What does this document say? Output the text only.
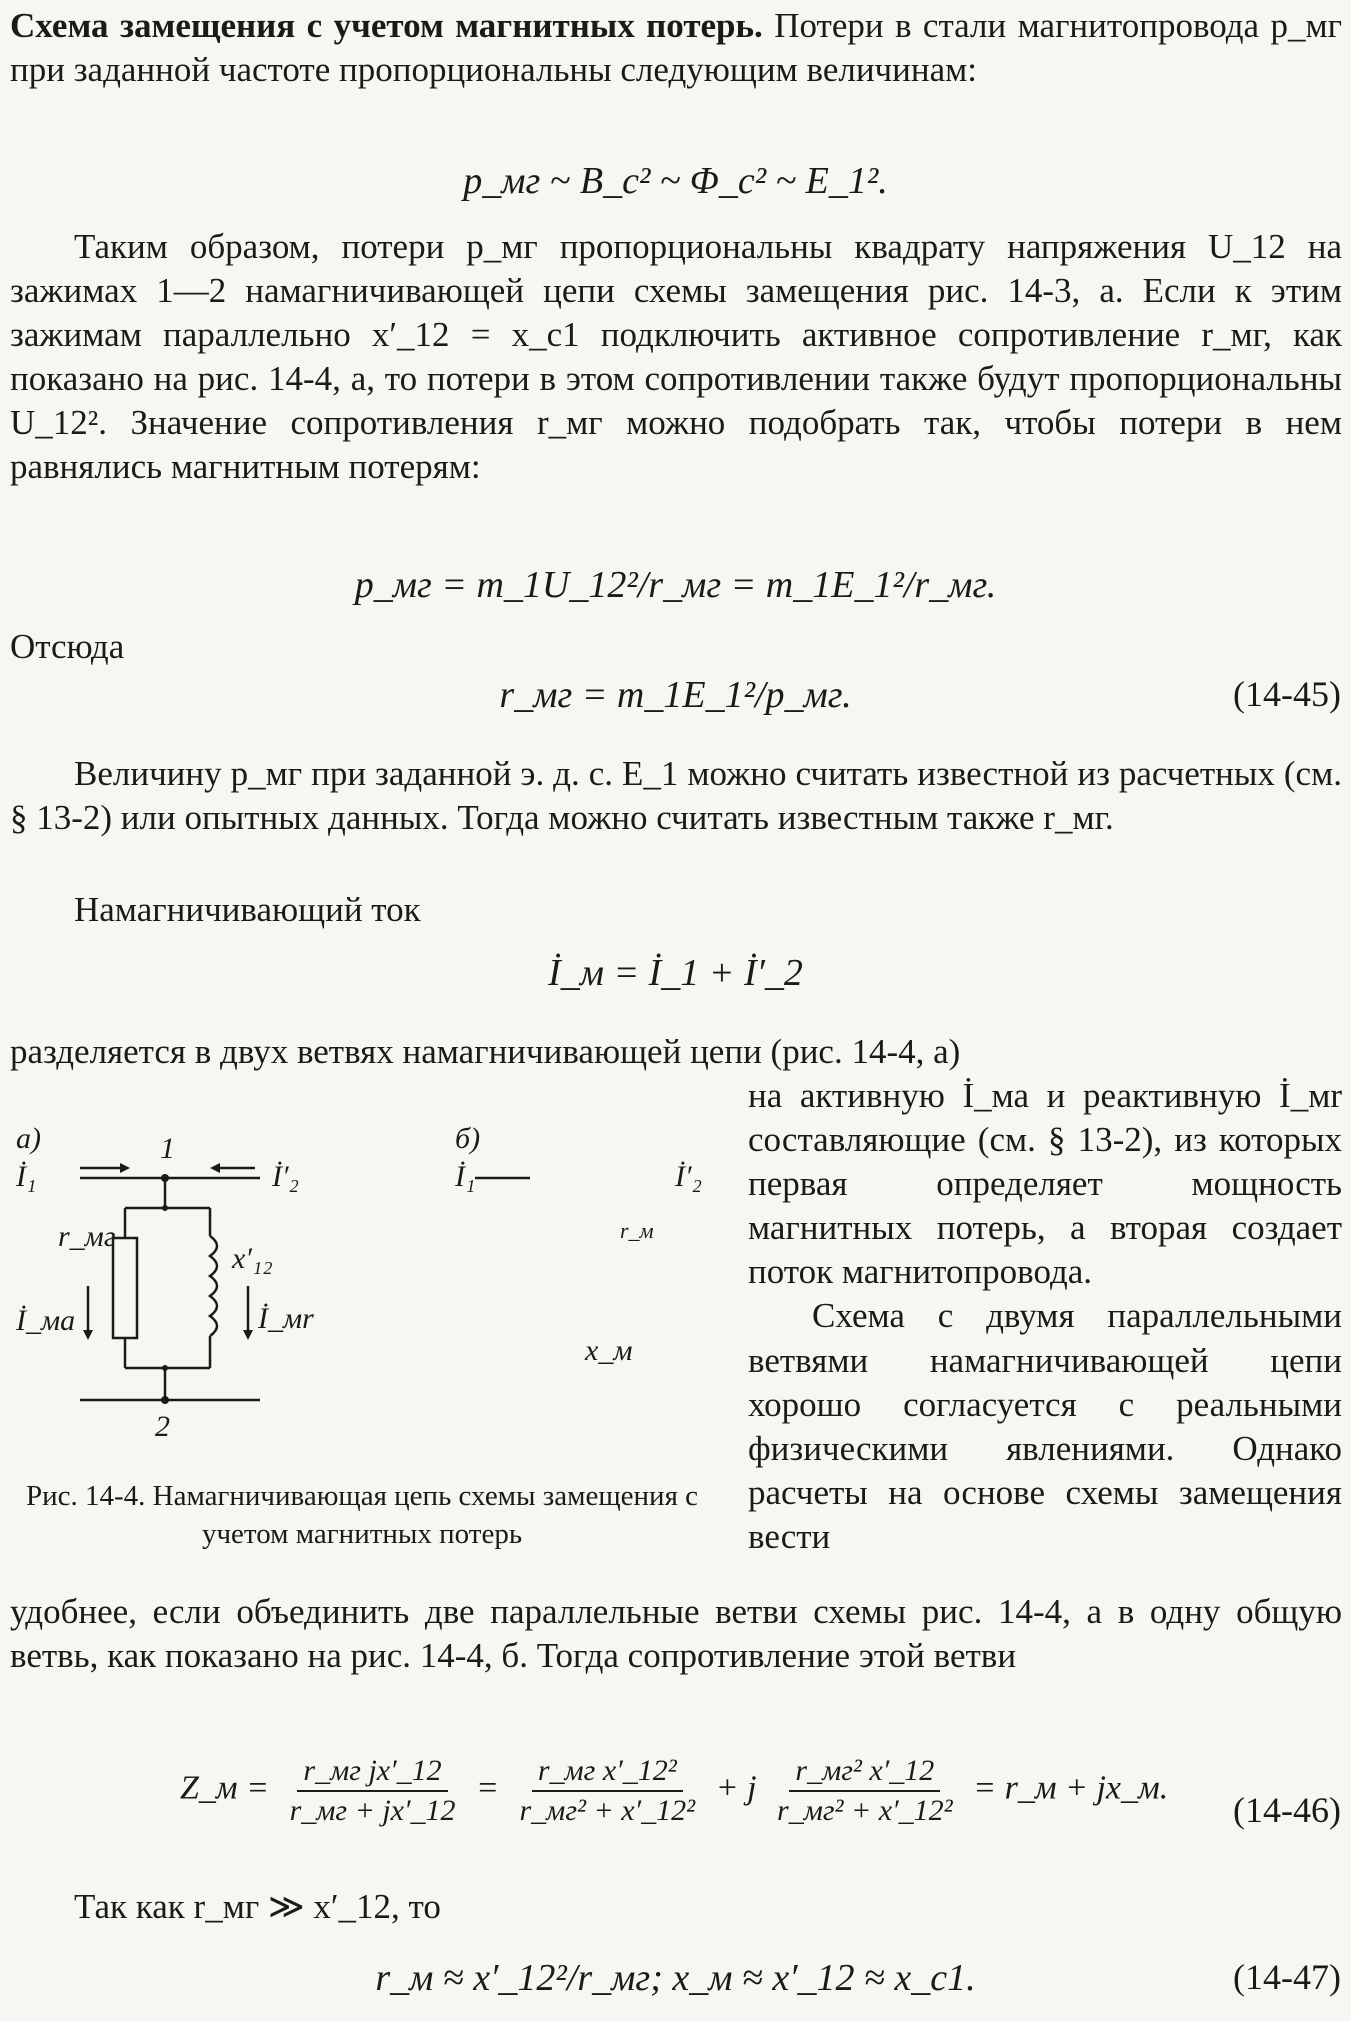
Схема замещения с учетом магнитных потерь. Потери в стали магнитопровода p_мг при заданной частоте пропорциональны следующим величинам:

p_мг ~ B_c² ~ Φ_c² ~ E_1².

Таким образом, потери p_мг пропорциональны квадрату напряжения U_12 на зажимах 1—2 намагничивающей цепи схемы замещения рис. 14-3, a. Если к этим зажимам параллельно x′_12 = x_c1 подключить активное сопротивление r_мг, как показано на рис. 14-4, a, то потери в этом сопротивлении также будут пропорциональны U_12². Значение сопротивления r_мг можно подобрать так, чтобы потери в нем равнялись магнитным потерям:

p_мг = m_1U_12²/r_мг = m_1E_1²/r_мг.

Отсюда

r_мг = m_1E_1²/p_мг.	(14-45)

Величину p_мг при заданной э. д. с. E_1 можно считать известной из расчетных (см. § 13-2) или опытных данных. Тогда можно считать известным также r_мг.

Намагничивающий ток

İ_м = İ_1 + İ′_2

разделяется в двух ветвях намагничивающей цепи (рис. 14-4, a)

на активную İ_ма и реактивную İ_мr составляющие (см. § 13-2), из которых первая определяет мощность магнитных потерь, а вторая создает поток магнитопровода.

Схема с двумя параллельными ветвями намагничивающей цепи хорошо согласуется с реальными физическими явлениями. Однако расчеты на основе схемы замещения вести

a)	б)
1
2
İ₁	İ′₂
r_мг
x′₁₂
İ_ма	İ_мr
İ₁	İ′₂
r_м
x_м
Рис. 14-4. Намагничивающая цепь схемы замещения с учетом магнитных потерь

удобнее, если объединить две параллельные ветви схемы рис. 14-4, a в одну общую ветвь, как показано на рис. 14-4, б. Тогда сопротивление этой ветви

Z_м = $\frac{\text{r\_мг jx′\_12}}{r\_мг + jx'\_12} = \frac{\text{r\_мг x′\_12²}}{\text{r\_мг² + x′\_12²}} + j \frac{\text{r\_мг² x′\_12}}{\text{r\_мг² + x′\_12²}}$ = r_м + jx_м.
(14-46)

Так как r_мг ≫ x′_12, то

r_м ≈ x′_12²/r_мг; x_м ≈ x′_12 ≈ x_c1.	(14-47)
